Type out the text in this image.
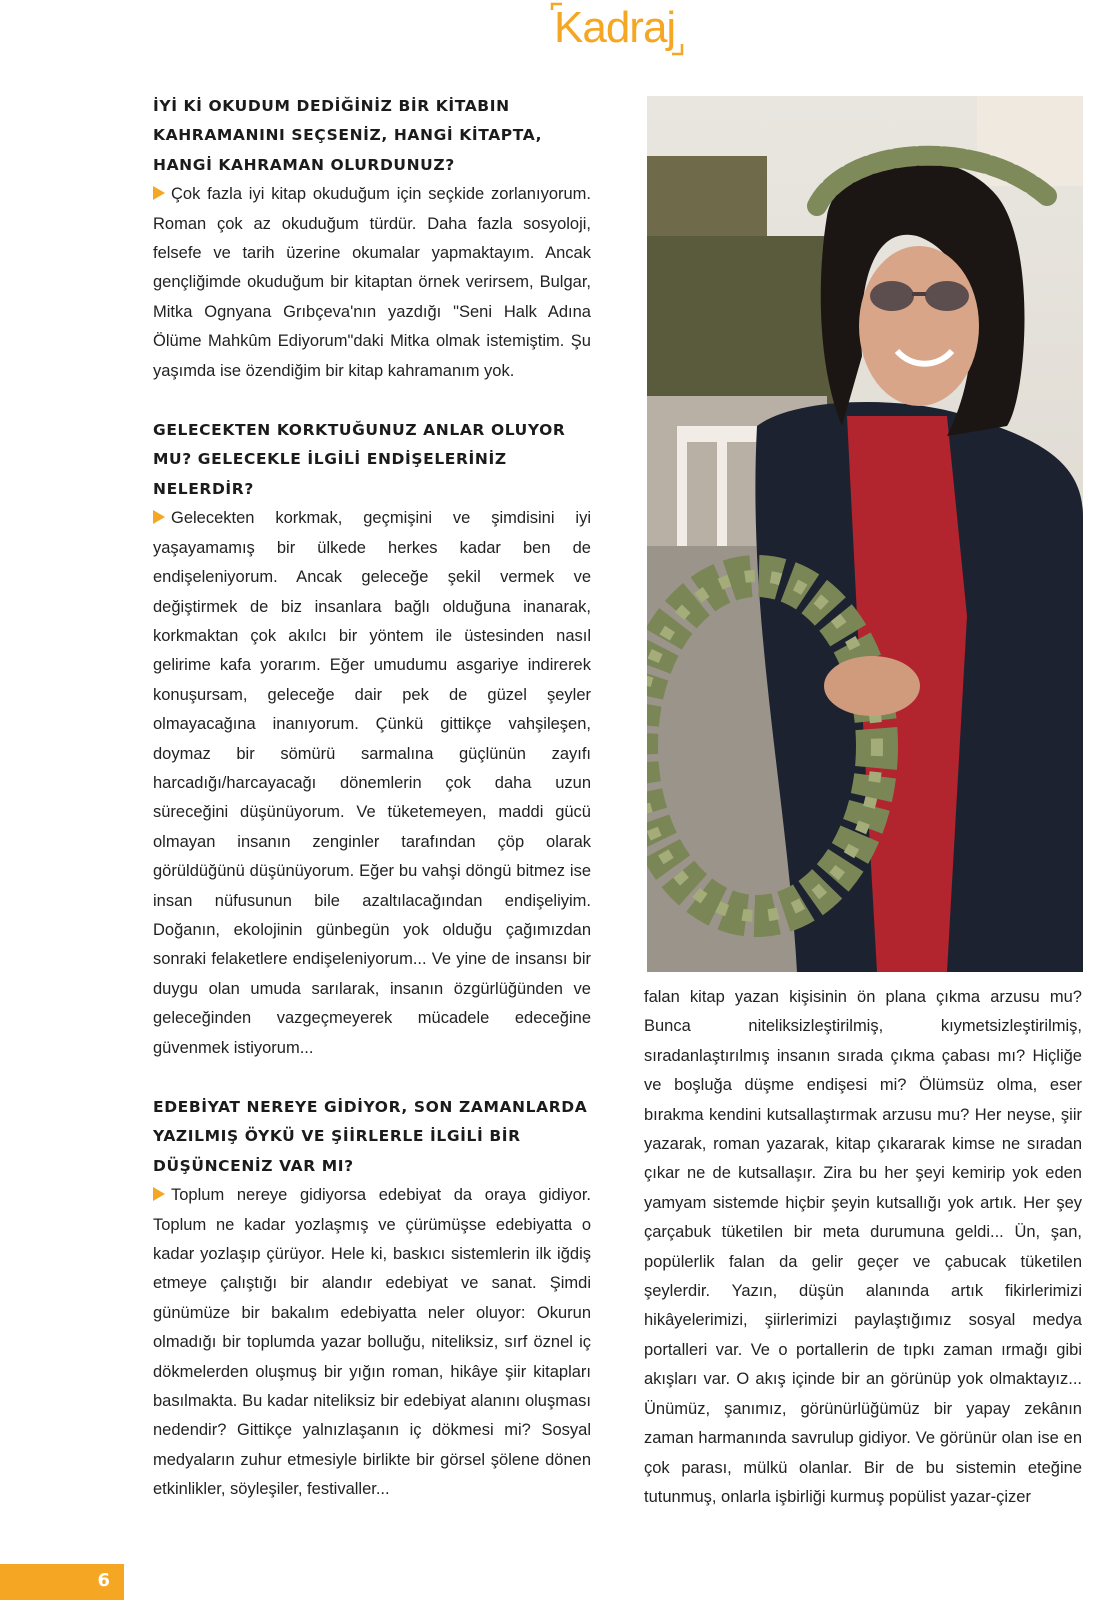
Kadraj

İYİ Kİ OKUDUM DEDİĞİNİZ BİR KİTABIN KAHRAMANINI SEÇSENİZ, HANGİ KİTAPTA, HANGİ KAHRAMAN OLURDUNUZ?

Çok fazla iyi kitap okuduğum için seçkide zorlanıyorum. Roman çok az okuduğum türdür. Daha fazla sosyoloji, felsefe ve tarih üzerine okumalar yapmaktayım. Ancak gençliğimde okuduğum bir kitaptan örnek verirsem, Bulgar, Mitka Ognyana Grıbçeva'nın yazdığı "Seni Halk Adına Ölüme Mahkûm Ediyorum"daki Mitka olmak istemiştim. Şu yaşımda ise özendiğim bir kitap kahramanım yok.

GELECEKTEN KORKTUĞUNUZ ANLAR OLUYOR MU? GELECEKLE İLGİLİ ENDİŞELERİNİZ NELERDİR?

Gelecekten korkmak, geçmişini ve şimdisini iyi yaşayamamış bir ülkede herkes kadar ben de endişeleniyorum. Ancak geleceğe şekil vermek ve değiştirmek de biz insanlara bağlı olduğuna inanarak, korkmaktan çok akılcı bir yöntem ile üstesinden nasıl gelirime kafa yorarım. Eğer umudumu asgariye indirerek konuşursam, geleceğe dair pek de güzel şeyler olmayacağına inanıyorum. Çünkü gittikçe vahşileşen, doymaz bir sömürü sarmalına güçlünün zayıfı harcadığı/harcayacağı dönemlerin çok daha uzun süreceğini düşünüyorum. Ve tüketemeyen, maddi gücü olmayan insanın zenginler tarafından çöp olarak görüldüğünü düşünüyorum. Eğer bu vahşi döngü bitmez ise insan nüfusunun bile azaltılacağından endişeliyim. Doğanın, ekolojinin günbegün yok olduğu çağımızdan sonraki felaketlere endişeleniyorum... Ve yine de insansı bir duygu olan umuda sarılarak, insanın özgürlüğünden ve geleceğinden vazgeçmeyerek mücadele edeceğine güvenmek istiyorum...

EDEBİYAT NEREYE GİDİYOR, SON ZAMANLARDA YAZILMIŞ ÖYKÜ VE ŞİİRLERLE İLGİLİ BİR DÜŞÜNCENİZ VAR MI?

Toplum nereye gidiyorsa edebiyat da oraya gidiyor. Toplum ne kadar yozlaşmış ve çürümüşse edebiyatta o kadar yozlaşıp çürüyor. Hele ki, baskıcı sistemlerin ilk iğdiş etmeye çalıştığı bir alandır edebiyat ve sanat. Şimdi günümüze bir bakalım edebiyatta neler oluyor: Okurun olmadığı bir toplumda yazar bolluğu, niteliksiz, sırf öznel iç dökmelerden oluşmuş bir yığın roman, hikâye şiir kitapları basılmakta. Bu kadar niteliksiz bir edebiyat alanını oluşması nedendir? Gittikçe yalnızlaşanın iç dökmesi mi? Sosyal medyaların zuhur etmesiyle birlikte bir görsel şölene dönen etkinlikler, söyleşiler, festivaller...

falan kitap yazan kişisinin ön plana çıkma arzusu mu? Bunca niteliksizleştirilmiş, kıymetsizleştirilmiş, sıradanlaştırılmış insanın sırada çıkma çabası mı? Hiçliğe ve boşluğa düşme endişesi mi? Ölümsüz olma, eser bırakma kendini kutsallaştırmak arzusu mu? Her neyse, şiir yazarak, roman yazarak, kitap çıkararak kimse ne sıradan çıkar ne de kutsallaşır. Zira bu her şeyi kemirip yok eden yamyam sistemde hiçbir şeyin kutsallığı yok artık. Her şey çarçabuk tüketilen bir meta durumuna geldi... Ün, şan, popülerlik falan da gelir geçer ve çabucak tüketilen şeylerdir. Yazın, düşün alanında artık fikirlerimizi hikâyelerimizi, şiirlerimizi paylaştığımız sosyal medya portalleri var. Ve o portallerin de tıpkı zaman ırmağı gibi akışları var. O akış içinde bir an görünüp yok olmaktayız... Ünümüz, şanımız, görünürlüğümüz bir yapay zekânın zaman harmanında savrulup gidiyor. Ve görünür olan ise en çok parası, mülkü olanlar. Bir de bu sistemin eteğine tutunmuş, onlarla işbirliği kurmuş popülist yazar-çizer

6
